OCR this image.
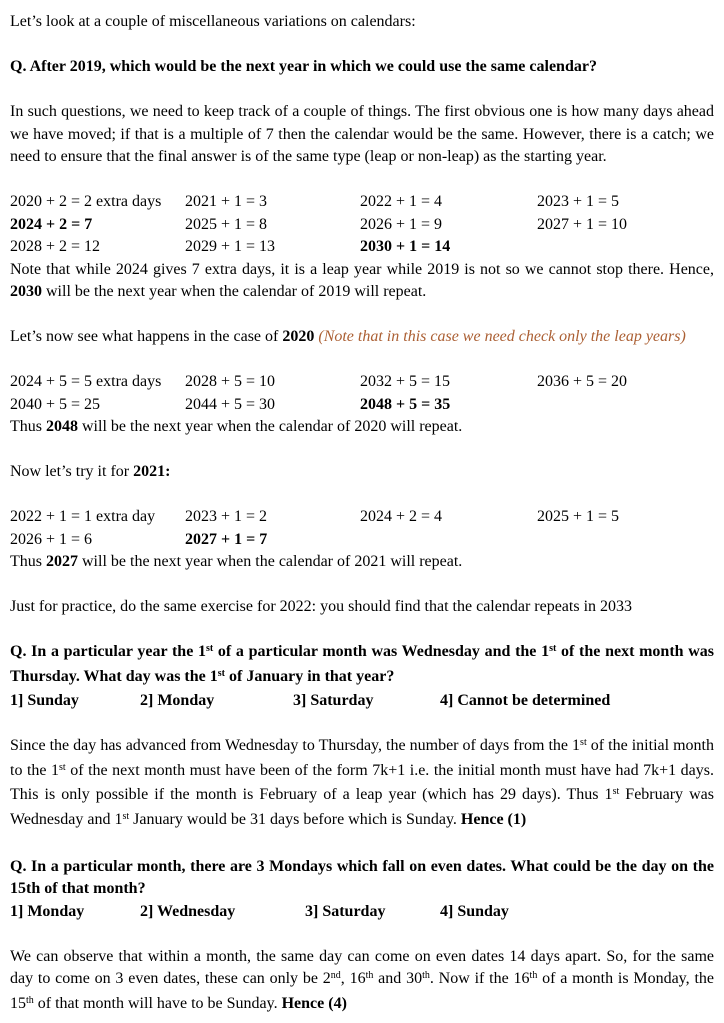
Let’s look at a couple of miscellaneous variations on calendars:
Q. After 2019, which would be the next year in which we could use the same calendar?
In such questions, we need to keep track of a couple of things. The first obvious one is how many days ahead we have moved; if that is a multiple of 7 then the calendar would be the same. However, there is a catch; we need to ensure that the final answer is of the same type (leap or non-leap) as the starting year.
2020 + 2 = 2 extra days	2021 + 1 = 3	2022 + 1 = 4	2023 + 1 = 5
2024 + 2 = 7	2025 + 1 = 8	2026 + 1 = 9	2027 + 1 = 10
2028 + 2 = 12	2029 + 1 = 13	2030 + 1 = 14
Note that while 2024 gives 7 extra days, it is a leap year while 2019 is not so we cannot stop there. Hence, 2030 will be the next year when the calendar of 2019 will repeat.
Let’s now see what happens in the case of 2020 (Note that in this case we need check only the leap years)
2024 + 5 = 5 extra days	2028 + 5 = 10	2032 + 5 = 15	2036 + 5 = 20
2040 + 5 = 25	2044 + 5 = 30	2048 + 5 = 35
Thus 2048 will be the next year when the calendar of 2020 will repeat.
Now let’s try it for 2021:
2022 + 1 = 1 extra day	2023 + 1 = 2	2024 + 2 = 4	2025 + 1 = 5
2026 + 1 = 6	2027 + 1 = 7
Thus 2027 will be the next year when the calendar of 2021 will repeat.
Just for practice, do the same exercise for 2022: you should find that the calendar repeats in 2033
Q. In a particular year the 1st of a particular month was Wednesday and the 1st of the next month was Thursday. What day was the 1st of January in that year?
1] Sunday	2] Monday	3] Saturday	4] Cannot be determined
Since the day has advanced from Wednesday to Thursday, the number of days from the 1st of the initial month to the 1st of the next month must have been of the form 7k+1 i.e. the initial month must have had 7k+1 days. This is only possible if the month is February of a leap year (which has 29 days). Thus 1st February was Wednesday and 1st January would be 31 days before which is Sunday. Hence (1)
Q. In a particular month, there are 3 Mondays which fall on even dates. What could be the day on the 15th of that month?
1] Monday	2] Wednesday	3] Saturday	4] Sunday
We can observe that within a month, the same day can come on even dates 14 days apart. So, for the same day to come on 3 even dates, these can only be 2nd, 16th and 30th. Now if the 16th of a month is Monday, the 15th of that month will have to be Sunday. Hence (4)
